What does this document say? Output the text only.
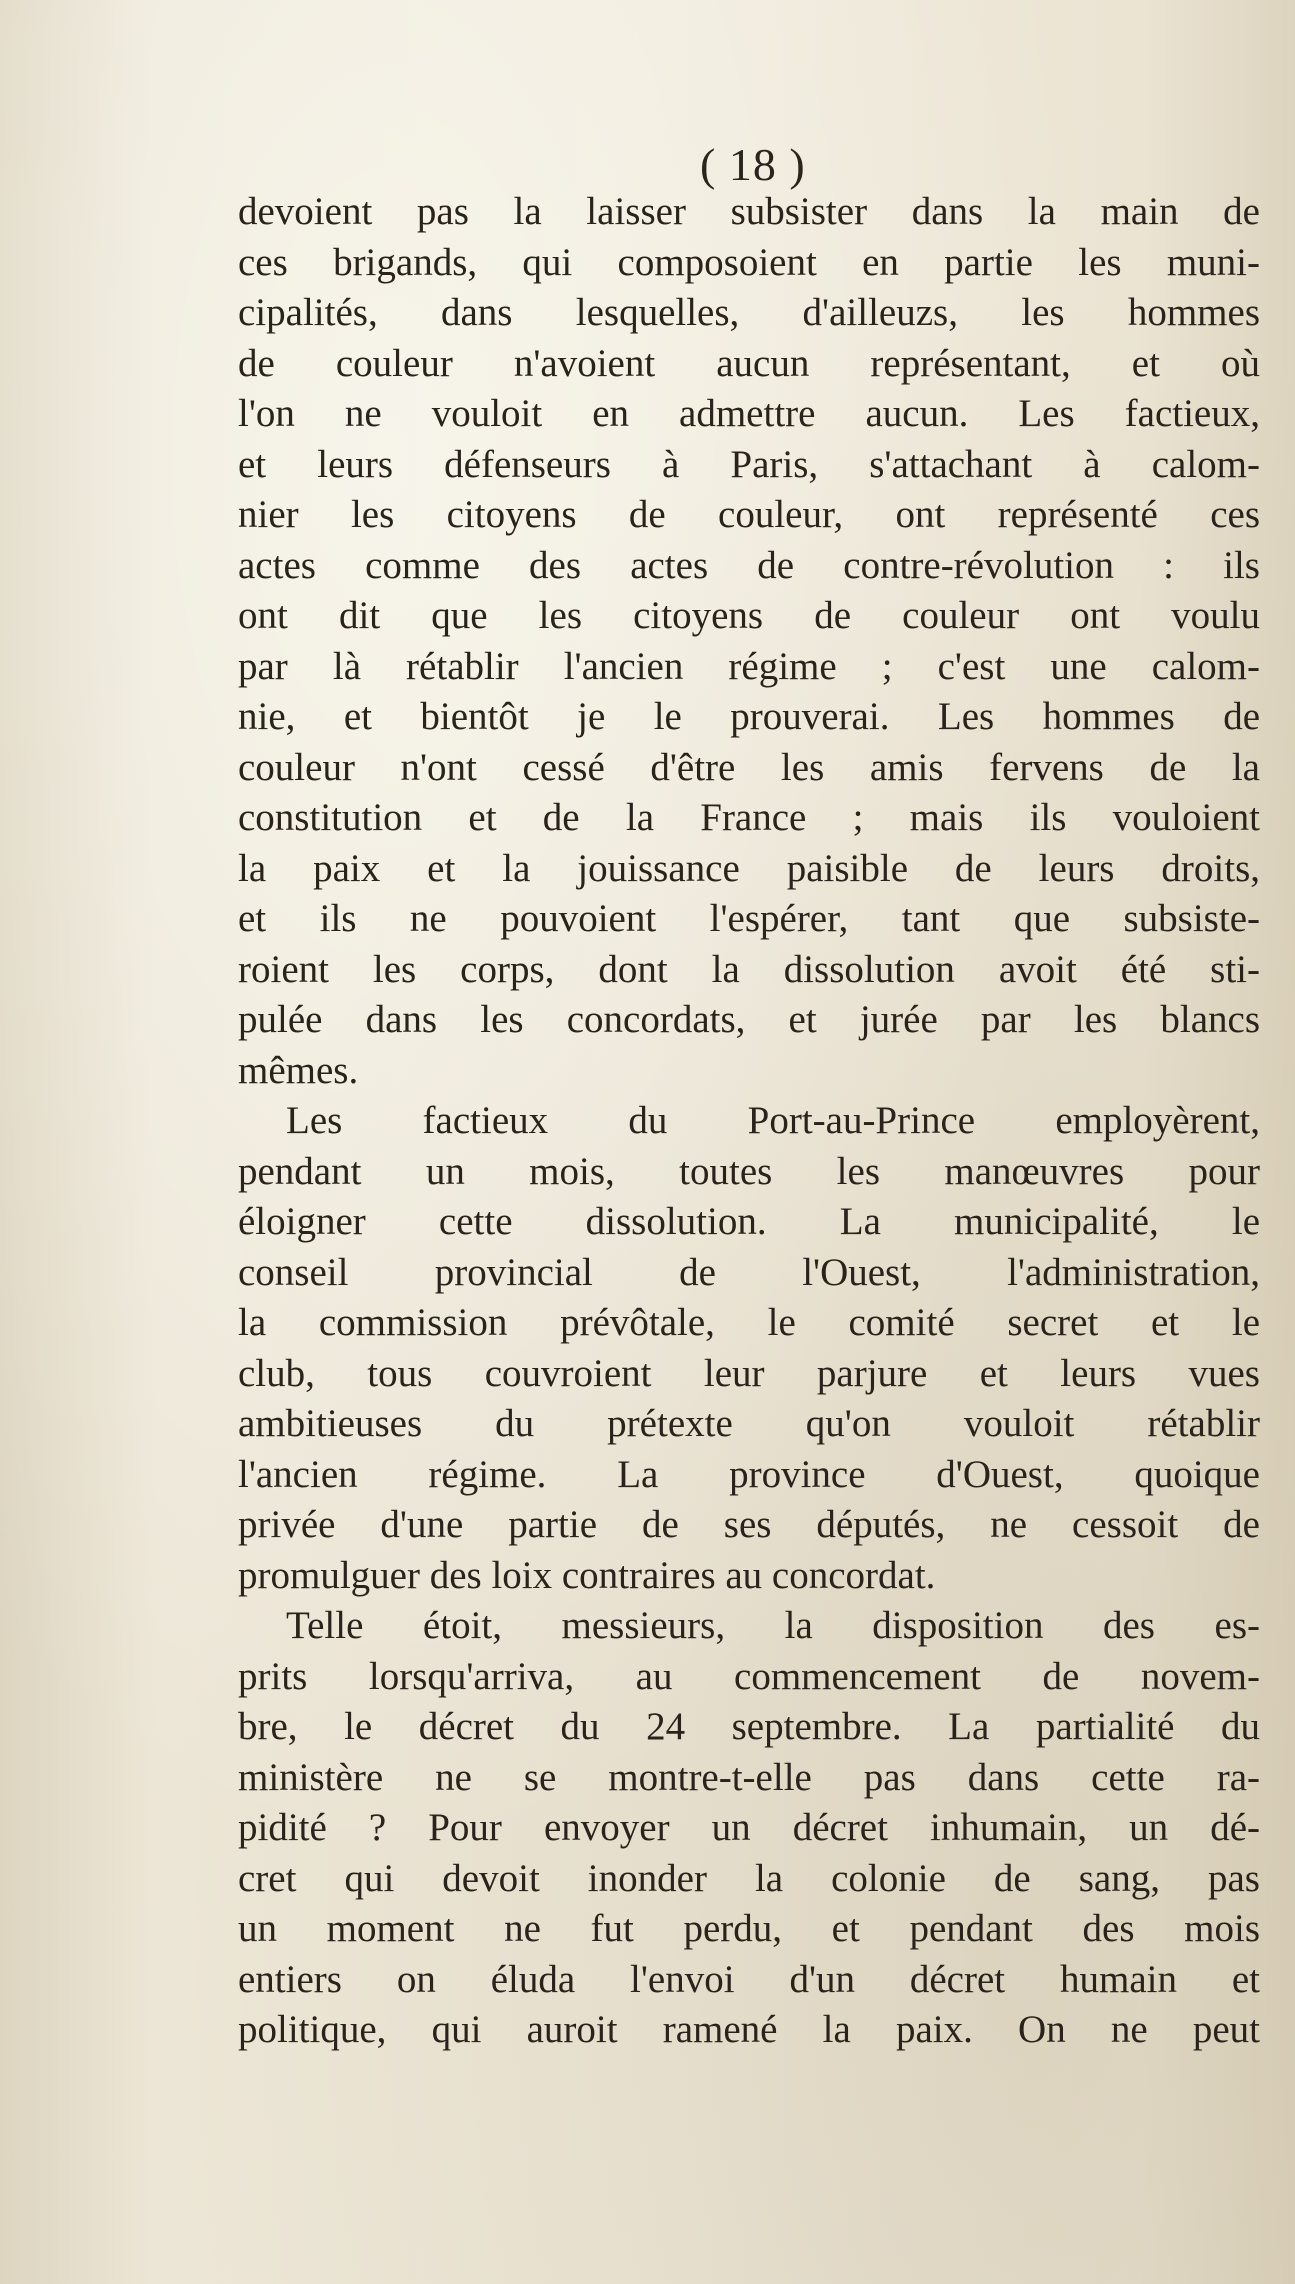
( 18 )

devoient pas la laisser subsister dans la main de
ces brigands, qui composoient en partie les muni-
cipalités, dans lesquelles, d'ailleuzs, les hommes
de couleur n'avoient aucun représentant, et où
l'on ne vouloit en admettre aucun. Les factieux,
et leurs défenseurs à Paris, s'attachant à calom-
nier les citoyens de couleur, ont représenté ces
actes comme des actes de contre-révolution : ils
ont dit que les citoyens de couleur ont voulu
par là rétablir l'ancien régime ; c'est une calom-
nie, et bientôt je le prouverai. Les hommes de
couleur n'ont cessé d'être les amis fervens de la
constitution et de la France ; mais ils vouloient
la paix et la jouissance paisible de leurs droits,
et ils ne pouvoient l'espérer, tant que subsiste-
roient les corps, dont la dissolution avoit été sti-
pulée dans les concordats, et jurée par les blancs
mêmes.
Les factieux du Port-au-Prince employèrent,
pendant un mois, toutes les manœuvres pour
éloigner cette dissolution. La municipalité, le
conseil provincial de l'Ouest, l'administration,
la commission prévôtale, le comité secret et le
club, tous couvroient leur parjure et leurs vues
ambitieuses du prétexte qu'on vouloit rétablir
l'ancien régime. La province d'Ouest, quoique
privée d'une partie de ses députés, ne cessoit de
promulguer des loix contraires au concordat.
Telle étoit, messieurs, la disposition des es-
prits lorsqu'arriva, au commencement de novem-
bre, le décret du 24 septembre. La partialité du
ministère ne se montre-t-elle pas dans cette ra-
pidité ? Pour envoyer un décret inhumain, un dé-
cret qui devoit inonder la colonie de sang, pas
un moment ne fut perdu, et pendant des mois
entiers on éluda l'envoi d'un décret humain et
politique, qui auroit ramené la paix. On ne peut
